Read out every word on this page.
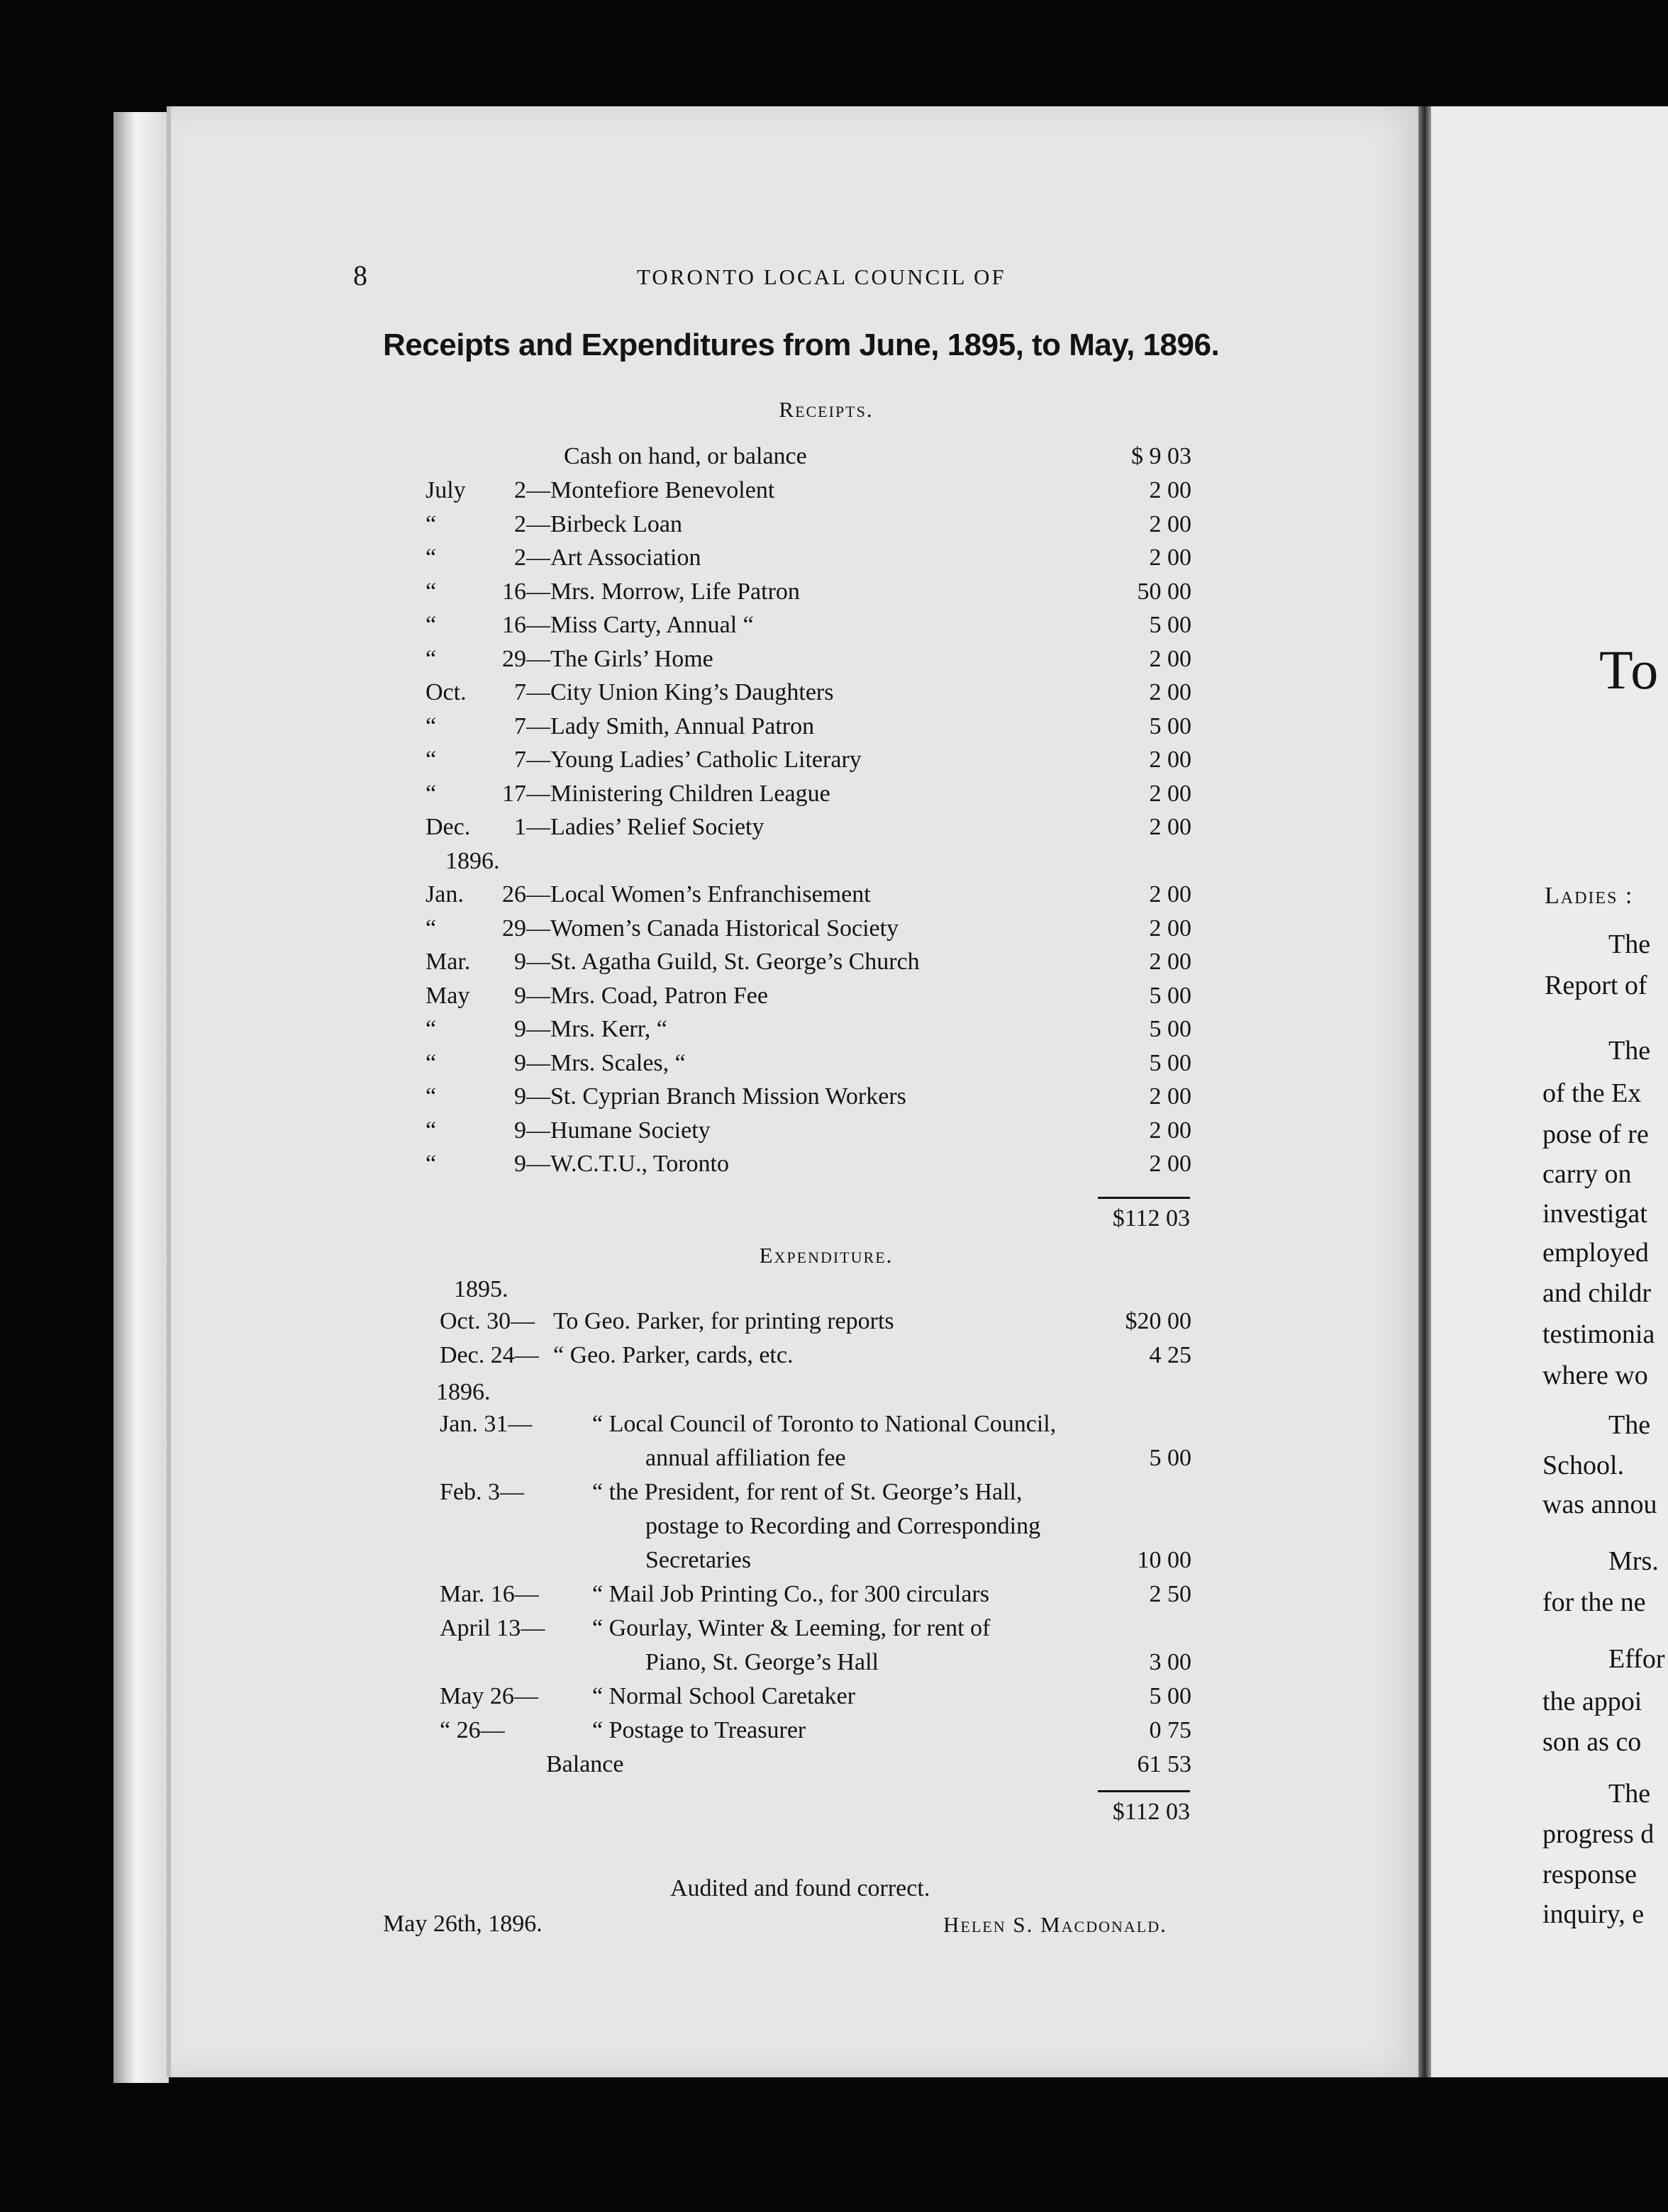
8	TORONTO LOCAL COUNCIL OF
Receipts and Expenditures from June, 1895, to May, 1896.
Receipts.
Cash on hand, or balance	$ 9 03
July	2 —Montefiore Benevolent	2 00
“	2 —Birbeck Loan	2 00
“	2 —Art Association	2 00
“	16 —Mrs. Morrow, Life Patron	50 00
“	16 —Miss Carty, Annual “	5 00
“	29 —The Girls’ Home	2 00
Oct.	7 —City Union King’s Daughters	2 00
“	7 —Lady Smith, Annual Patron	5 00
“	7 —Young Ladies’ Catholic Literary	2 00
“	17 —Ministering Children League	2 00
Dec.	1 —Ladies’ Relief Society	2 00
1896.
Jan.	26 —Local Women’s Enfranchisement	2 00
“	29 —Women’s Canada Historical Society	2 00
Mar.	9 —St. Agatha Guild, St. George’s Church	2 00
May	9 —Mrs. Coad, Patron Fee	5 00
“	9 —Mrs. Kerr, “	5 00
“	9 —Mrs. Scales, “	5 00
“	9 —St. Cyprian Branch Mission Workers	2 00
“	9 —Humane Society	2 00
“	9 —W.C.T.U., Toronto	2 00
$112 03
Expenditure.
1895.
1896.
Oct. 30— To Geo. Parker, for printing reports	$20 00
Dec. 24— “ Geo. Parker, cards, etc.	4 25
Jan. 31—	“ Local Council of Toronto to National Council,
annual affiliation fee	5 00
Feb. 3—	“ the President, for rent of St. George’s Hall,
postage to Recording and Corresponding
Secretaries	10 00
Mar. 16—	“ Mail Job Printing Co., for 300 circulars	2 50
April 13— “ Gourlay, Winter & Leeming, for rent of
Piano, St. George’s Hall	3 00
May 26—	“ Normal School Caretaker	5 00
“ 26—	“ Postage to Treasurer	0 75
Balance	61 53
$112 03
Audited and found correct.
May 26th, 1896.	Helen S. Macdonald.
To
Ladies :
The
Report of
The
of the Ex
pose of re
carry on
investigat
employed
and childr
testimonia
where wo
The
School.
was annou
Mrs.
for the ne
Effor
the appoi
son as co
The
progress d
response
inquiry, e
